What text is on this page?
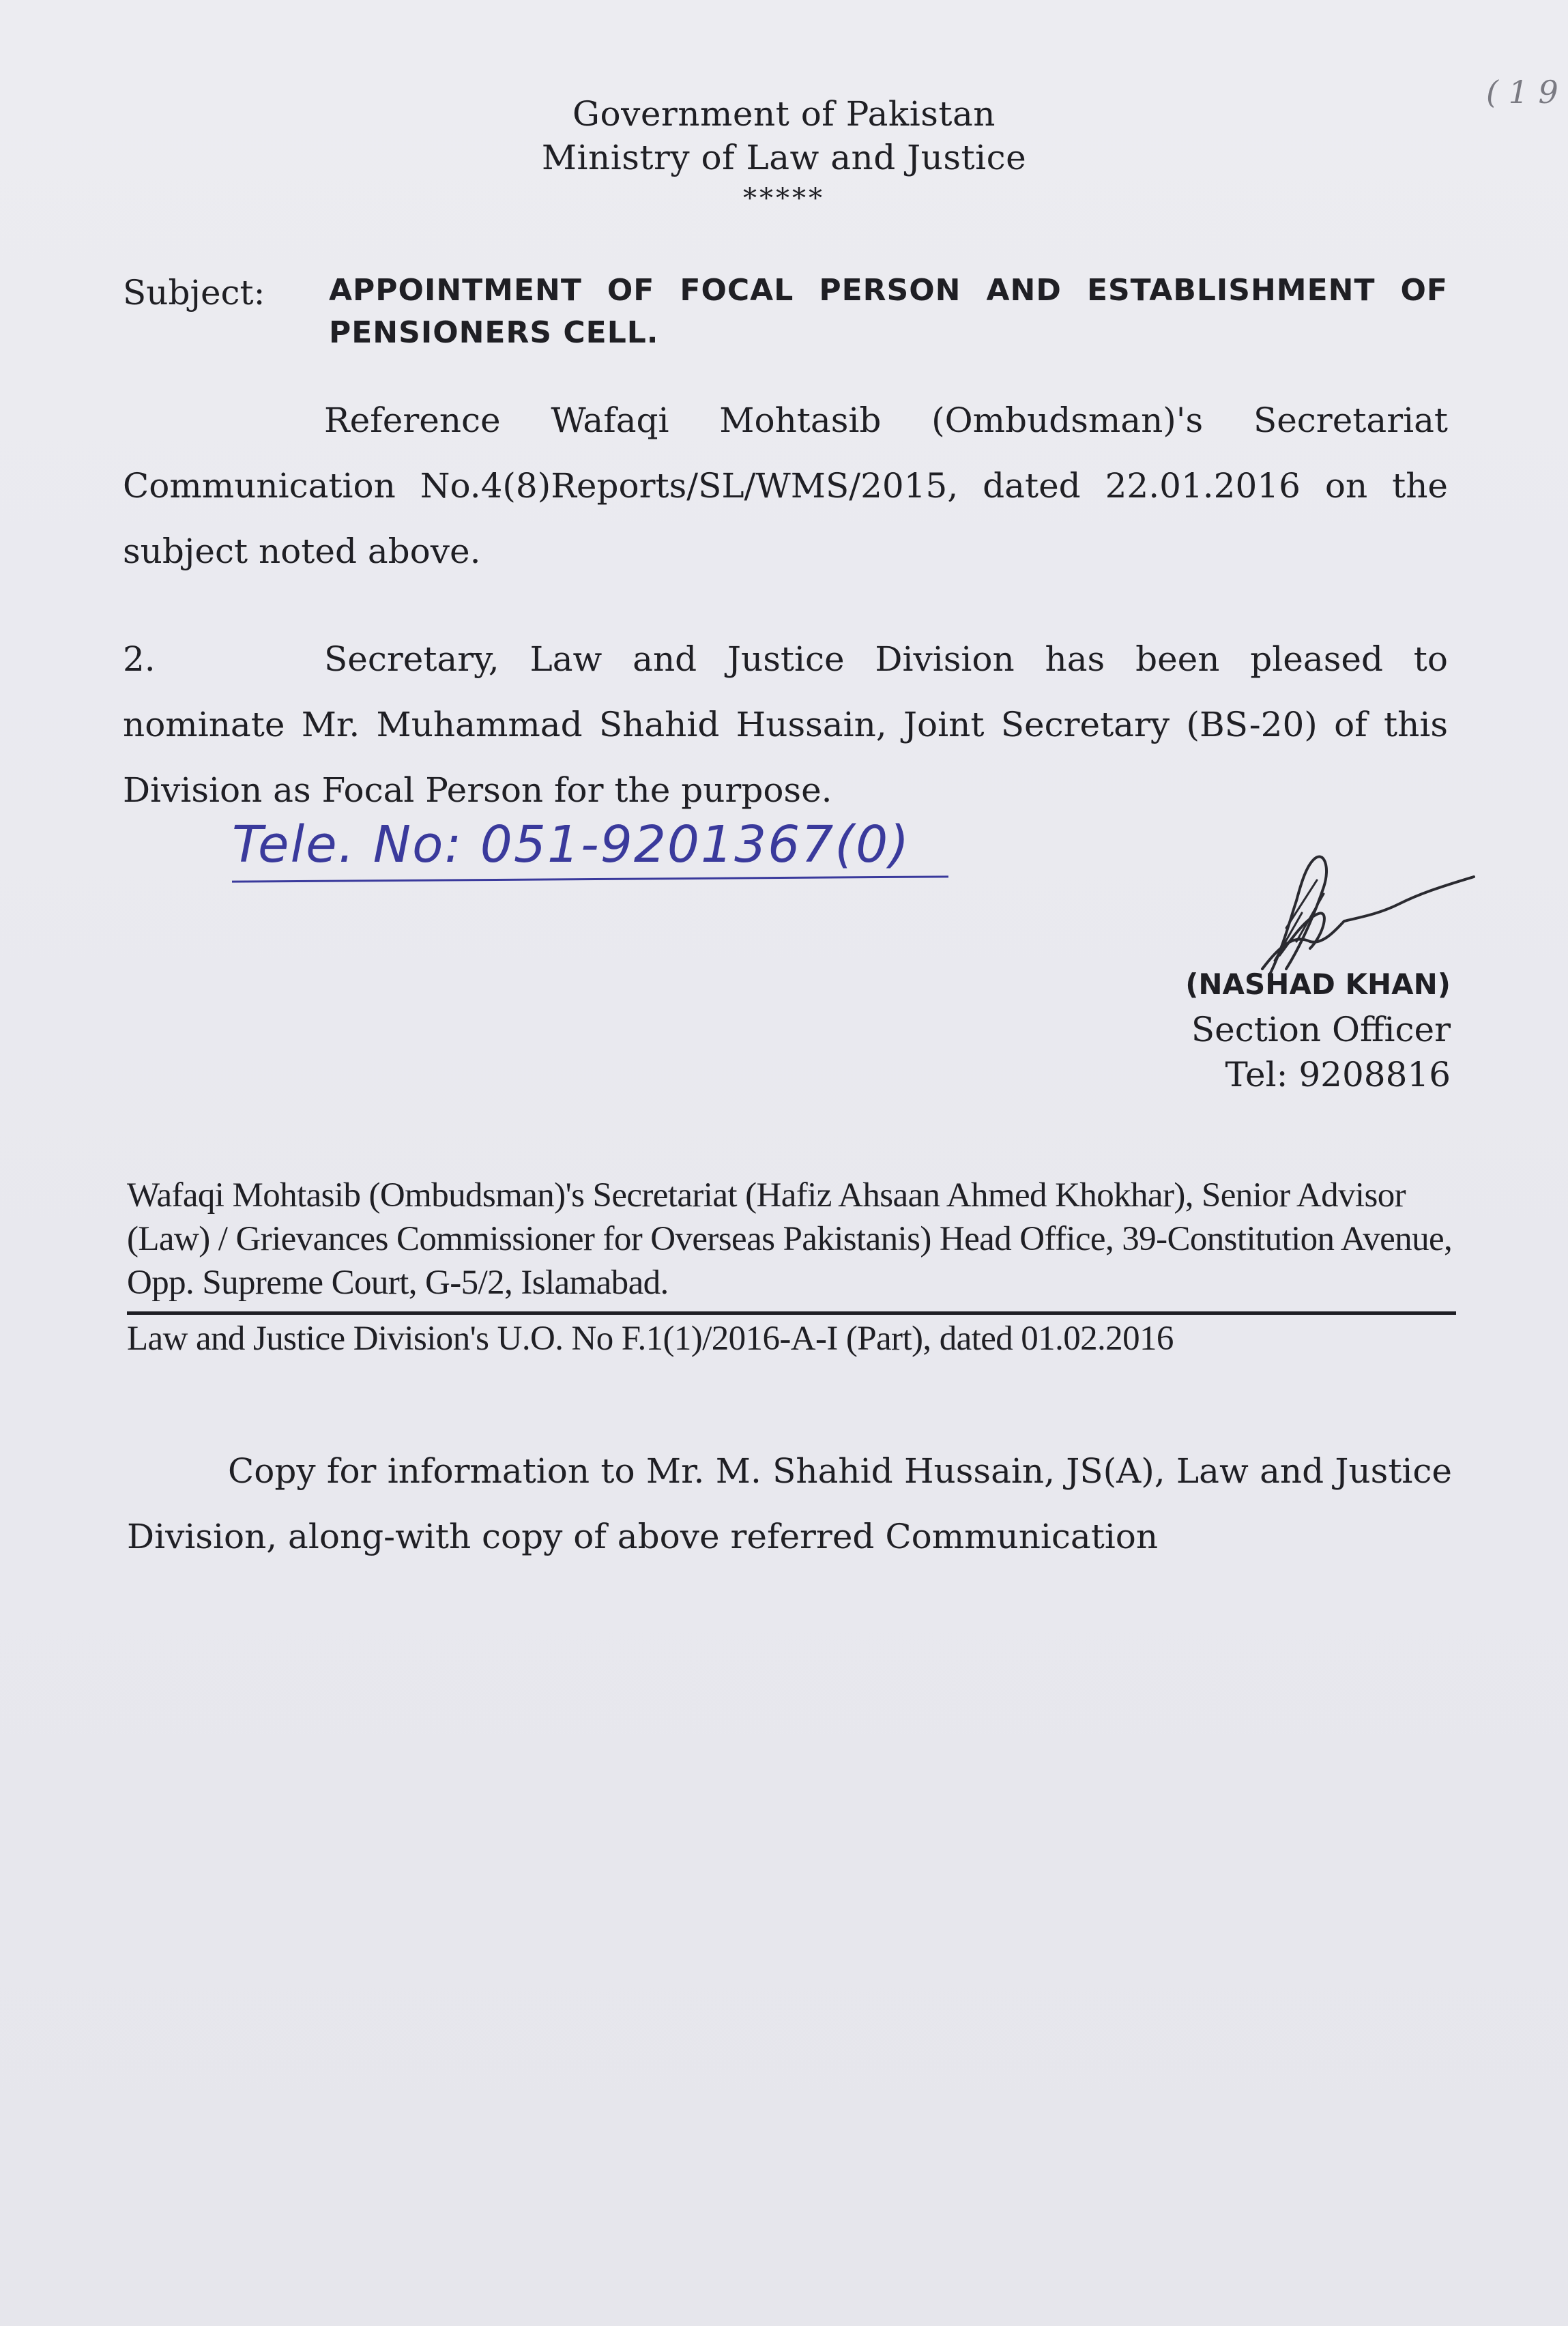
( 1 9
Government of Pakistan
Ministry of Law and Justice
*****
Subject: APPOINTMENT OF FOCAL PERSON AND ESTABLISHMENT OF PENSIONERS CELL.
Reference Wafaqi Mohtasib (Ombudsman)'s Secretariat Communication No.4(8)Reports/SL/WMS/2015, dated 22.01.2016 on the subject noted above.
2.	Secretary, Law and Justice Division has been pleased to nominate Mr. Muhammad Shahid Hussain, Joint Secretary (BS-20) of this Division as Focal Person for the purpose.
Tele. No: 051-9201367(0)
(NASHAD KHAN)
Section Officer
Tel: 9208816
Wafaqi Mohtasib (Ombudsman)'s Secretariat (Hafiz Ahsaan Ahmed Khokhar), Senior Advisor (Law) / Grievances Commissioner for Overseas Pakistanis) Head Office, 39-Constitution Avenue, Opp. Supreme Court, G-5/2, Islamabad.
Law and Justice Division's U.O. No F.1(1)/2016-A-I (Part), dated 01.02.2016
Copy for information to Mr. M. Shahid Hussain, JS(A), Law and Justice Division, along-with copy of above referred Communication
